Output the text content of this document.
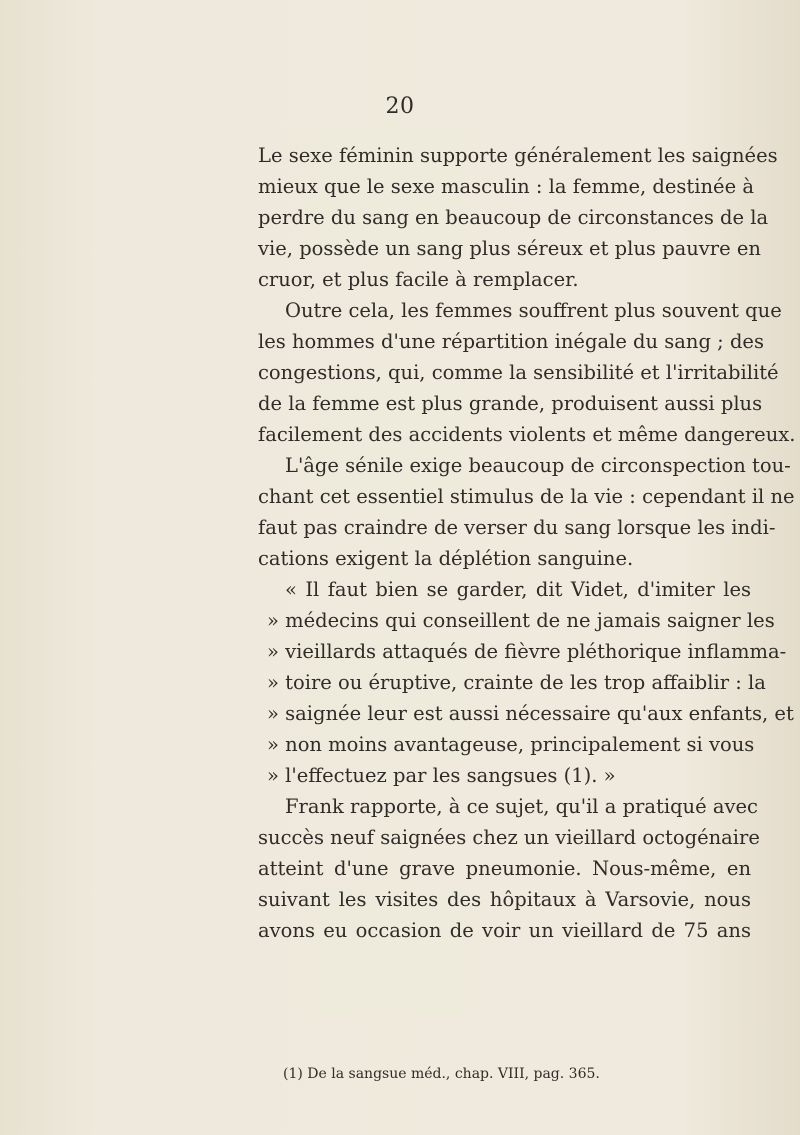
20
Le sexe féminin supporte généralement les saignées
mieux que le sexe masculin : la femme, destinée à
perdre du sang en beaucoup de circonstances de la
vie, possède un sang plus séreux et plus pauvre en
cruor, et plus facile à remplacer.
Outre cela, les femmes souffrent plus souvent que
les hommes d'une répartition inégale du sang ; des
congestions, qui, comme la sensibilité et l'irritabilité
de la femme est plus grande, produisent aussi plus
facilement des accidents violents et même dangereux.
L'âge sénile exige beaucoup de circonspection tou-
chant cet essentiel stimulus de la vie : cependant il ne
faut pas craindre de verser du sang lorsque les indi-
cations exigent la déplétion sanguine.
« Il faut bien se garder, dit Videt, d'imiter les
» médecins qui conseillent de ne jamais saigner les
» vieillards attaqués de fièvre pléthorique inflamma-
» toire ou éruptive, crainte de les trop affaiblir : la
» saignée leur est aussi nécessaire qu'aux enfants, et
» non moins avantageuse, principalement si vous
» l'effectuez par les sangsues (1). »
Frank rapporte, à ce sujet, qu'il a pratiqué avec
succès neuf saignées chez un vieillard octogénaire
atteint d'une grave pneumonie. Nous-même, en
suivant les visites des hôpitaux à Varsovie, nous
avons eu occasion de voir un vieillard de 75 ans
(1) De la sangsue méd., chap. VIII, pag. 365.
